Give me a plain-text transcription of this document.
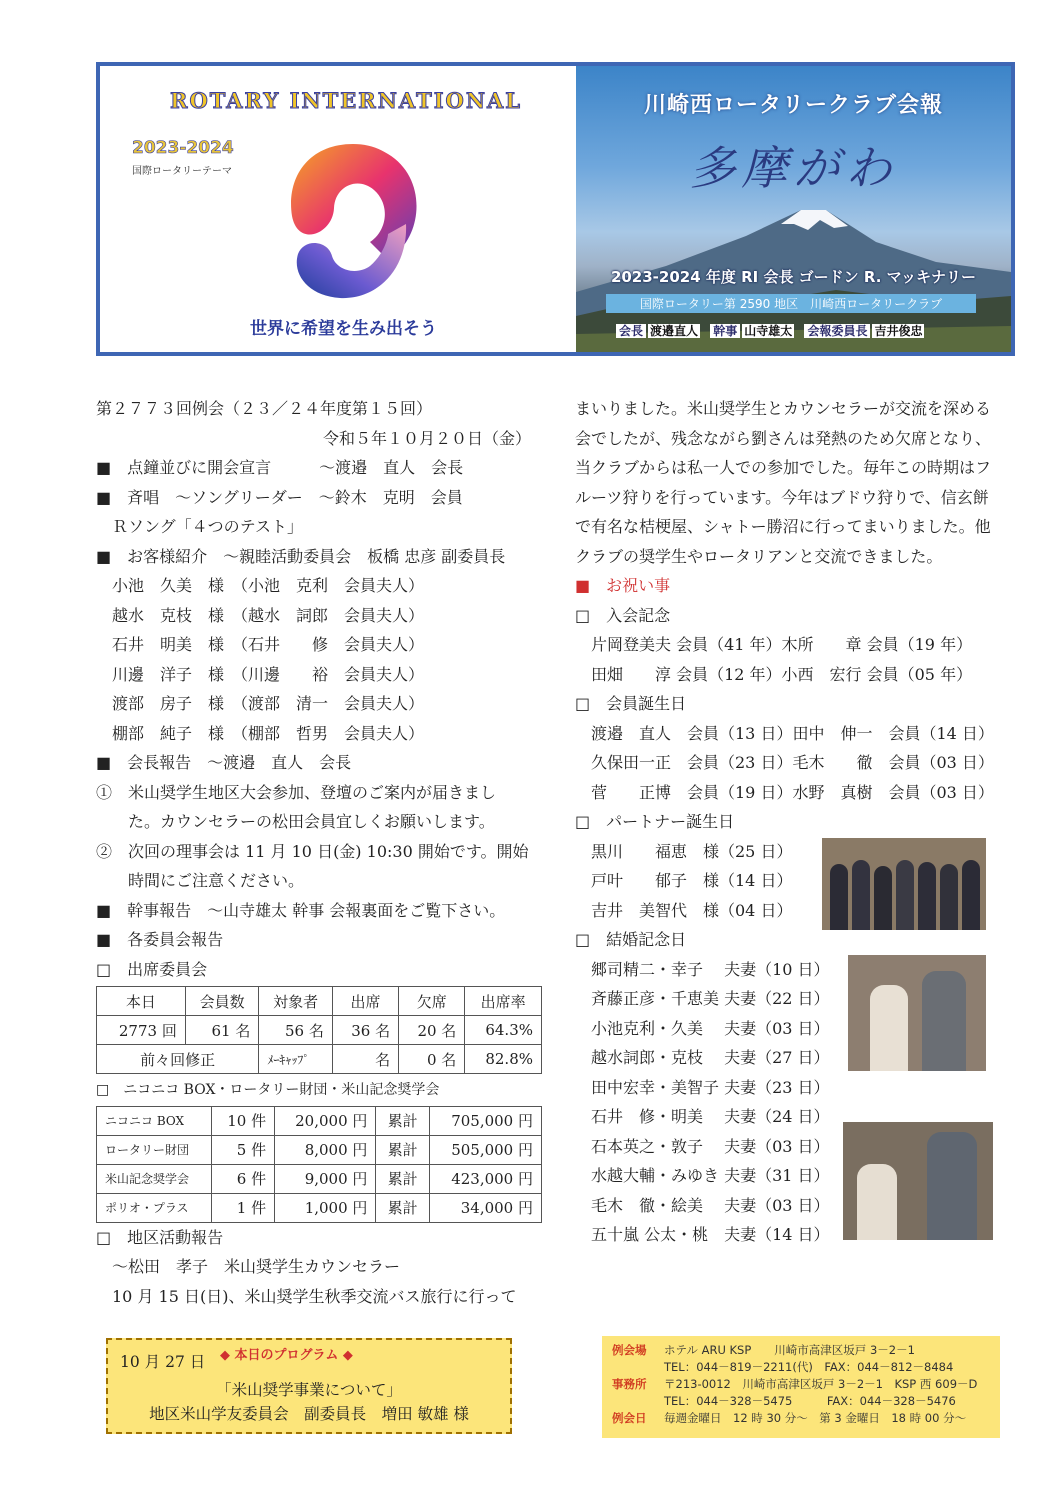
ROTARY INTERNATIONAL
2023-2024
国際ロータリーテーマ
世界に希望を生み出そう
川崎西ロータリークラブ会報
多摩がわ
2023-2024 年度 RI 会長 ゴードン R. マッキナリー
国際ロータリー第 2590 地区　川崎西ロータリークラブ
会長 渡邉直人 幹事 山寺雄太 会報委員長 吉井俊忠
第２７７３回例会（２３／２４年度第１５回）
令和５年１０月２０日（金）
■　点鐘並びに開会宣言　　　～渡邉　直人　会長
■　斉唱　～ソングリーダー　～鈴木　克明　会員
　Ｒソング「４つのテスト」
■　お客様紹介　～親睦活動委員会　板橋 忠彦 副委員長
　小池　久美　様　（小池　克利　会員夫人）
　越水　克枝　様　（越水　詞郎　会員夫人）
　石井　明美　様　（石井　　修　会員夫人）
　川邊　洋子　様　（川邊　　裕　会員夫人）
　渡部　房子　様　（渡部　清一　会員夫人）
　棚部　純子　様　（棚部　哲男　会員夫人）
■　会長報告　～渡邉　直人　会長
①　米山奨学生地区大会参加、登壇のご案内が届きまし
　　た。カウンセラーの松田会員宜しくお願いします。
②　次回の理事会は 11 月 10 日(金) 10:30 開始です。開始
　　時間にご注意ください。
■　幹事報告　～山寺雄太 幹事 会報裏面をご覧下さい。
■　各委員会報告
□　出席委員会
本日	会員数	対象者	出席	欠席	出席率
2773 回	61 名	56 名	36 名	20 名	64.3%
前々回修正		ﾒｰｷｬｯﾌﾟ	名	0 名	82.8%
□　ニコニコ BOX・ロータリー財団・米山記念奨学会
ニコニコ BOX	10 件	20,000 円	累計	705,000 円
ロータリー財団	5 件	8,000 円	累計	505,000 円
米山記念奨学会	6 件	9,000 円	累計	423,000 円
ポリオ・プラス	1 件	1,000 円	累計	34,000 円
□　地区活動報告
　～松田　孝子　米山奨学生カウンセラー
　10 月 15 日(日)、米山奨学生秋季交流バス旅行に行って
まいりました。米山奨学生とカウンセラーが交流を深める
会でしたが、残念ながら劉さんは発熱のため欠席となり、
当クラブからは私一人での参加でした。毎年この時期はフ
ルーツ狩りを行っています。今年はブドウ狩りで、信玄餅
で有名な桔梗屋、シャトー勝沼に行ってまいりました。他
クラブの奨学生やロータリアンと交流できました。
■　お祝い事
□　入会記念
　片岡登美夫 会員（41 年）木所　　章 会員（19 年）
　田畑　　淳 会員（12 年）小西　宏行 会員（05 年）
□　会員誕生日
　渡邉　直人　会員（13 日）田中　伸一　会員（14 日）
　久保田一正　会員（23 日）毛木　　徹　会員（03 日）
　菅　　正博　会員（19 日）水野　真樹　会員（03 日）
□　パートナー誕生日
　黒川　　福恵　様（25 日）
　戸叶　　郁子　様（14 日）
　吉井　美智代　様（04 日）
□　結婚記念日
　郷司精二・幸子　 夫妻（10 日）
　斉藤正彦・千恵美 夫妻（22 日）
　小池克利・久美　 夫妻（03 日）
　越水詞郎・克枝　 夫妻（27 日）
　田中宏幸・美智子 夫妻（23 日）
　石井　修・明美　 夫妻（24 日）
　石本英之・敦子　 夫妻（03 日）
　水越大輔・みゆき 夫妻（31 日）
　毛木　徹・絵美　 夫妻（03 日）
　五十嵐 公太・桃　夫妻（14 日）
10 月 27 日 ◆ 本日のプログラム ◆
「米山奨学事業について」
地区米山学友委員会　副委員長　増田 敏雄 様
例会場 ホテル ARU KSP　　川崎市高津区坂戸 3－2－1
TEL：044－819－2211(代)　FAX：044－812－8484
事務所 〒213-0012　川崎市高津区坂戸 3－2－1　KSP 西 609－D
TEL：044－328－5475　　　FAX：044－328－5476
例会日 毎週金曜日　12 時 30 分～　第 3 金曜日　18 時 00 分～
